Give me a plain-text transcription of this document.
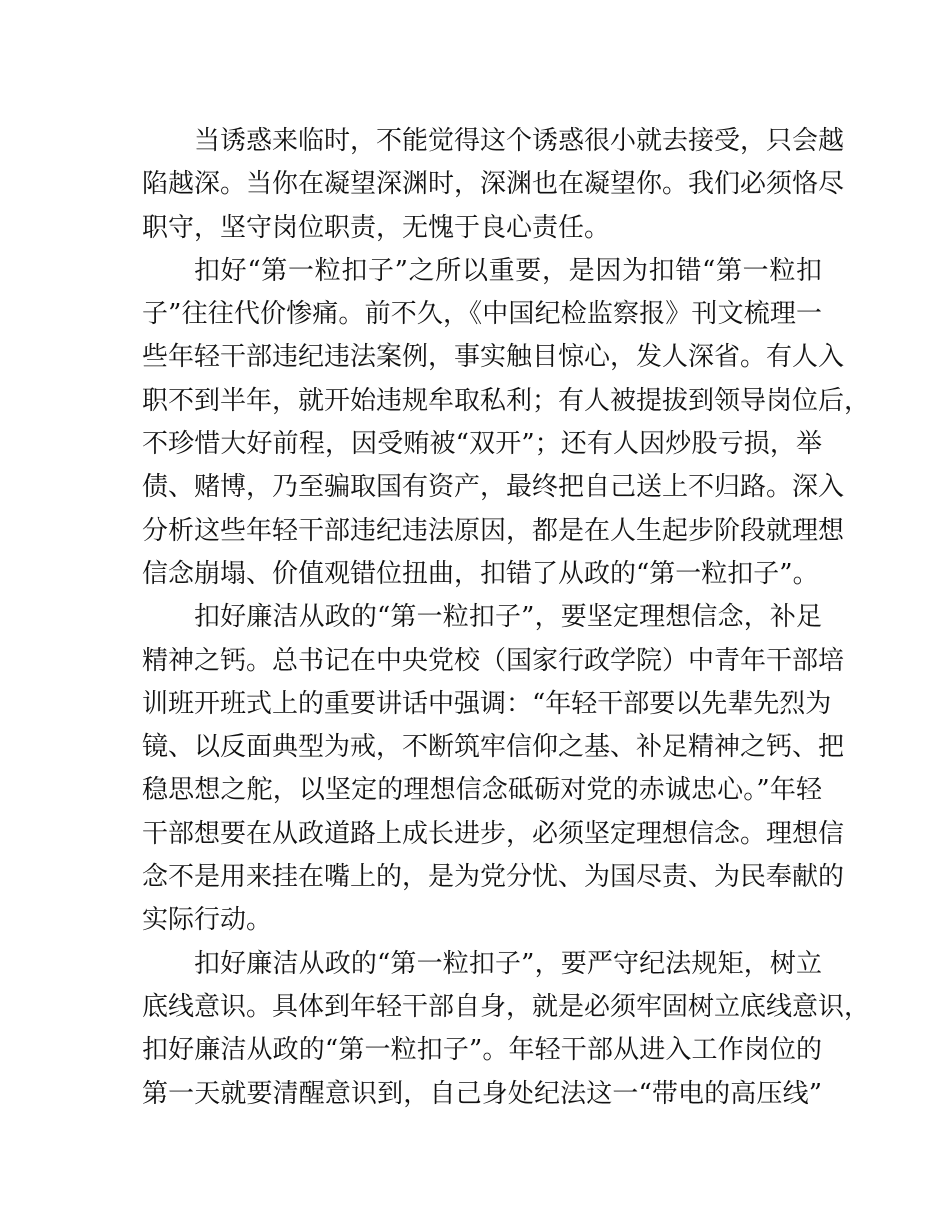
当诱惑来临时，不能觉得这个诱惑很小就去接受，只会越
陷越深。当你在凝望深渊时，深渊也在凝望你。我们必须恪尽
职守，坚守岗位职责，无愧于良心责任。
扣好“第一粒扣子”之所以重要，是因为扣错“第一粒扣
子”往往代价惨痛。前不久，《中国纪检监察报》刊文梳理一
些年轻干部违纪违法案例，事实触目惊心，发人深省。有人入
职不到半年，就开始违规牟取私利；有人被提拔到领导岗位后，
不珍惜大好前程，因受贿被“双开”；还有人因炒股亏损，举
债、赌博，乃至骗取国有资产，最终把自己送上不归路。深入
分析这些年轻干部违纪违法原因，都是在人生起步阶段就理想
信念崩塌、价值观错位扭曲，扣错了从政的“第一粒扣子”。
扣好廉洁从政的“第一粒扣子”，要坚定理想信念，补足
精神之钙。总书记在中央党校（国家行政学院）中青年干部培
训班开班式上的重要讲话中强调：“年轻干部要以先辈先烈为
镜、以反面典型为戒，不断筑牢信仰之基、补足精神之钙、把
稳思想之舵，以坚定的理想信念砥砺对党的赤诚忠心。”年轻
干部想要在从政道路上成长进步，必须坚定理想信念。理想信
念不是用来挂在嘴上的，是为党分忧、为国尽责、为民奉献的
实际行动。
扣好廉洁从政的“第一粒扣子”，要严守纪法规矩，树立
底线意识。具体到年轻干部自身，就是必须牢固树立底线意识，
扣好廉洁从政的“第一粒扣子”。年轻干部从进入工作岗位的
第一天就要清醒意识到，自己身处纪法这一“带电的高压线”
